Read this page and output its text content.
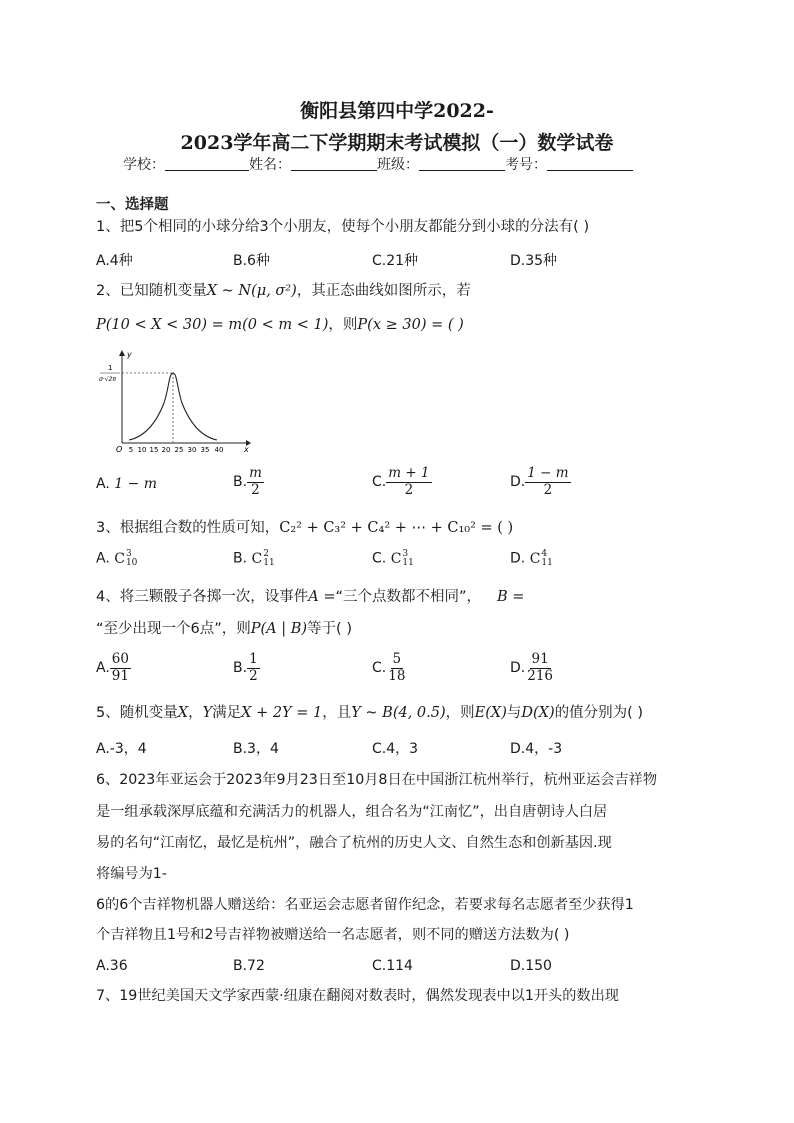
衡阳县第四中学2022-
2023学年高二下学期期末考试模拟（一）数学试卷
学校：	姓名：	班级：	考号：
一、选择题
1、把5个相同的小球分给3个小朋友，使每个小朋友都能分到小球的分法有( )
A.4种	B.6种	C.21种	D.35种
2、已知随机变量X ~ N(μ, σ²)，其正态曲线如图所示，若
P(10 < X < 30) = m(0 < m < 1)，则P(x ≥ 30) = ( )
y
x
O
1
σ·√2π
5 10 15 20 25 30 35 40
A. 1 − m	B. $\frac{m}{2}$	C. $\frac{m + 1}{2}$	D. $\frac{1 - m}{2}$
3、根据组合数的性质可知，C₂² + C₃² + C₄² + ⋯ + C₁₀² = ( )
A. C 3
10	B. C 2
11	C. C 3
11	D. C 4
11
4、将三颗骰子各掷一次，设事件A =“三个点数都不相同”， B =
“至少出现一个6点”，则P(A | B)等于( )
A. $\frac{60}{91}$	B. $\frac{1}{2}$	C. $\frac{5}{18}$	D. $\frac{91}{216}$
5、随机变量X，Y满足X + 2Y = 1，且Y ~ B(4, 0.5)，则E(X)与D(X)的值分别为( )
A.-3，4	B.3，4	C.4，3	D.4，-3
6、2023年亚运会于2023年9月23日至10月8日在中国浙江杭州举行，杭州亚运会吉祥物
是一组承载深厚底蕴和充满活力的机器人，组合名为“江南忆”，出自唐朝诗人白居
易的名句“江南忆，最忆是杭州”，融合了杭州的历史人文、自然生态和创新基因.现
将编号为1-
6的6个吉祥物机器人赠送给：名亚运会志愿者留作纪念，若要求每名志愿者至少获得1
个吉祥物且1号和2号吉祥物被赠送给一名志愿者，则不同的赠送方法数为( )
A.36	B.72	C.114	D.150
7、19世纪美国天文学家西蒙·纽康在翻阅对数表时，偶然发现表中以1开头的数出现
